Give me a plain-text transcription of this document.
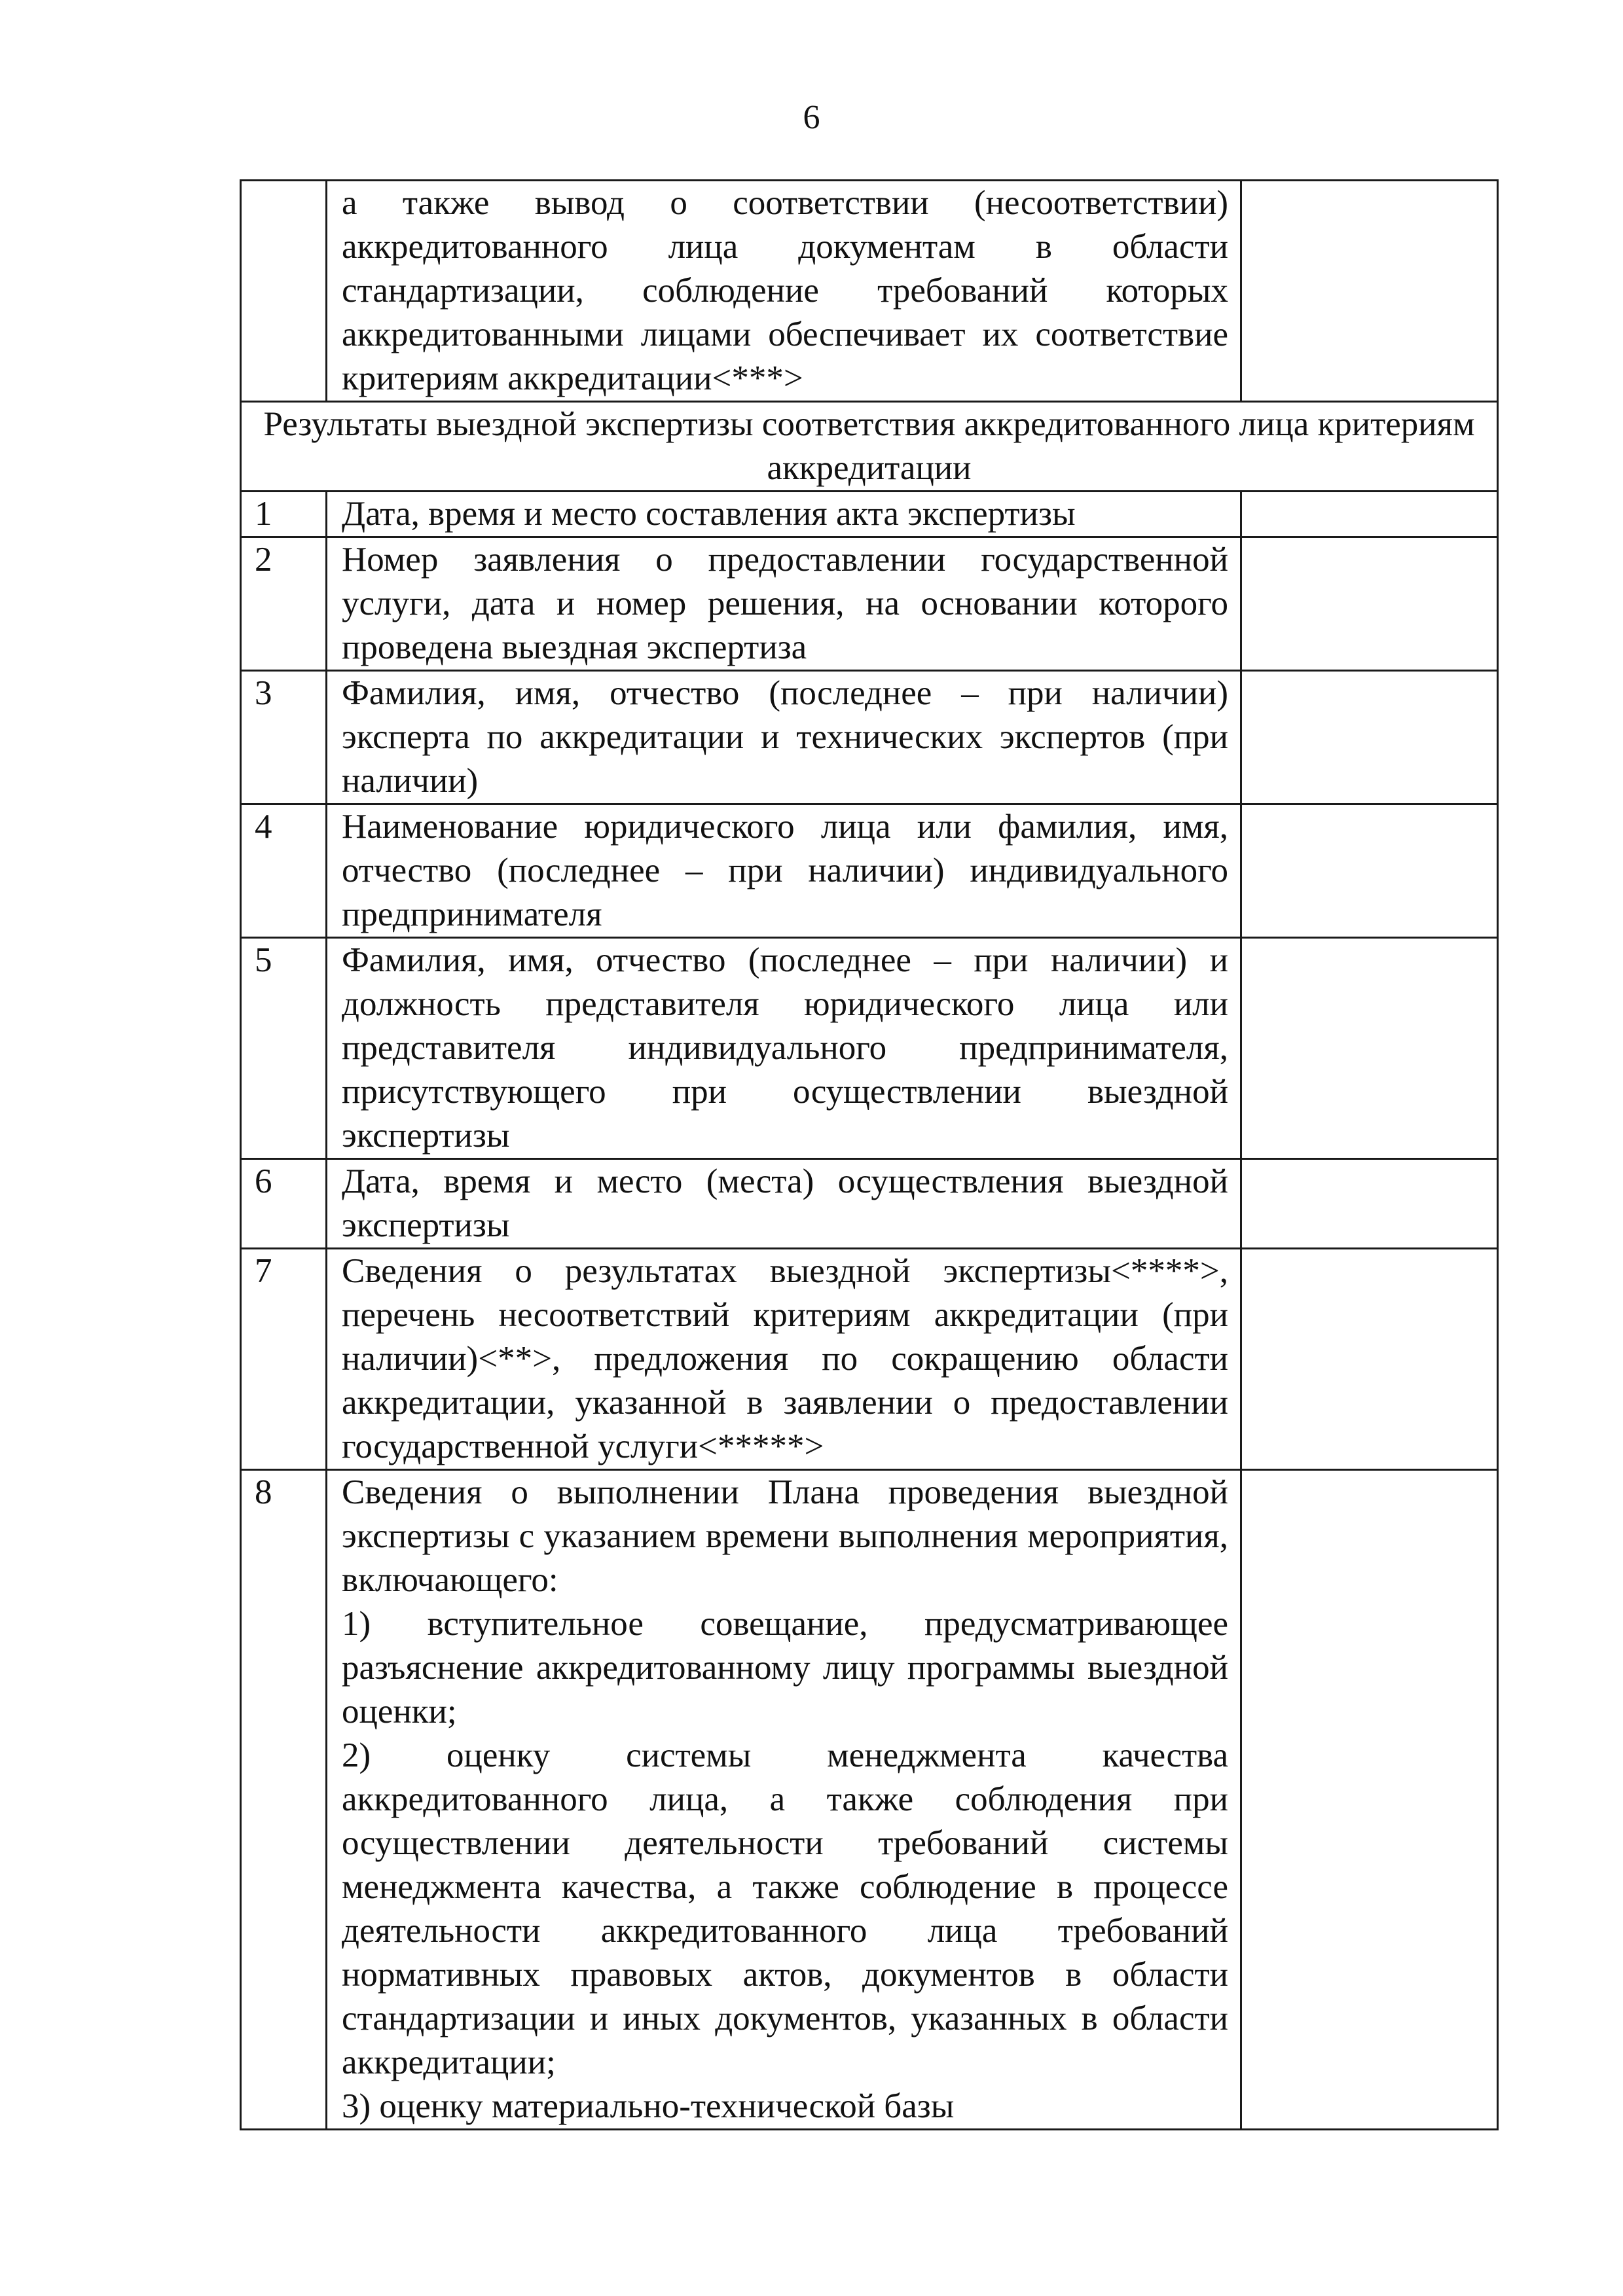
6

	а также вывод о соответствии (несоответствии) аккредитованного лица документам в области стандартизации, соблюдение требований которых аккредитованными лицами обеспечивает их соответствие критериям аккредитации<***>	

Результаты выездной экспертизы соответствия аккредитованного лица критериям аккредитации		
1	Дата, время и место составления акта экспертизы	

2	Номер заявления о предоставлении государственной услуги, дата и номер решения, на основании которого проведена выездная экспертиза	

3	Фамилия, имя, отчество (последнее – при наличии) эксперта по аккредитации и технических экспертов (при наличии)	

4	Наименование юридического лица или фамилия, имя, отчество (последнее – при наличии) индивидуального предпринимателя	

5	Фамилия, имя, отчество (последнее – при наличии) и должность представителя юридического лица или представителя индивидуального предпринимателя, присутствующего при осуществлении выездной экспертизы	

6	Дата, время и место (места) осуществления выездной экспертизы	

7	Сведения о результатах выездной экспертизы<****>, перечень несоответствий критериям аккредитации (при наличии)<**>, предложения по сокращению области аккредитации, указанной в заявлении о предоставлении государственной услуги<*****>	

8	Сведения о выполнении Плана проведения выездной экспертизы с указанием времени выполнения мероприятия, включающего:

1) вступительное совещание, предусматривающее разъяснение аккредитованному лицу программы выездной оценки;

2) оценку системы менеджмента качества аккредитованного лица, а также соблюдения при осуществлении деятельности требований системы менеджмента качества, а также соблюдение в процессе деятельности аккредитованного лица требований нормативных правовых актов, документов в области стандартизации и иных документов, указанных в области аккредитации;

3) оценку материально-технической базы	
